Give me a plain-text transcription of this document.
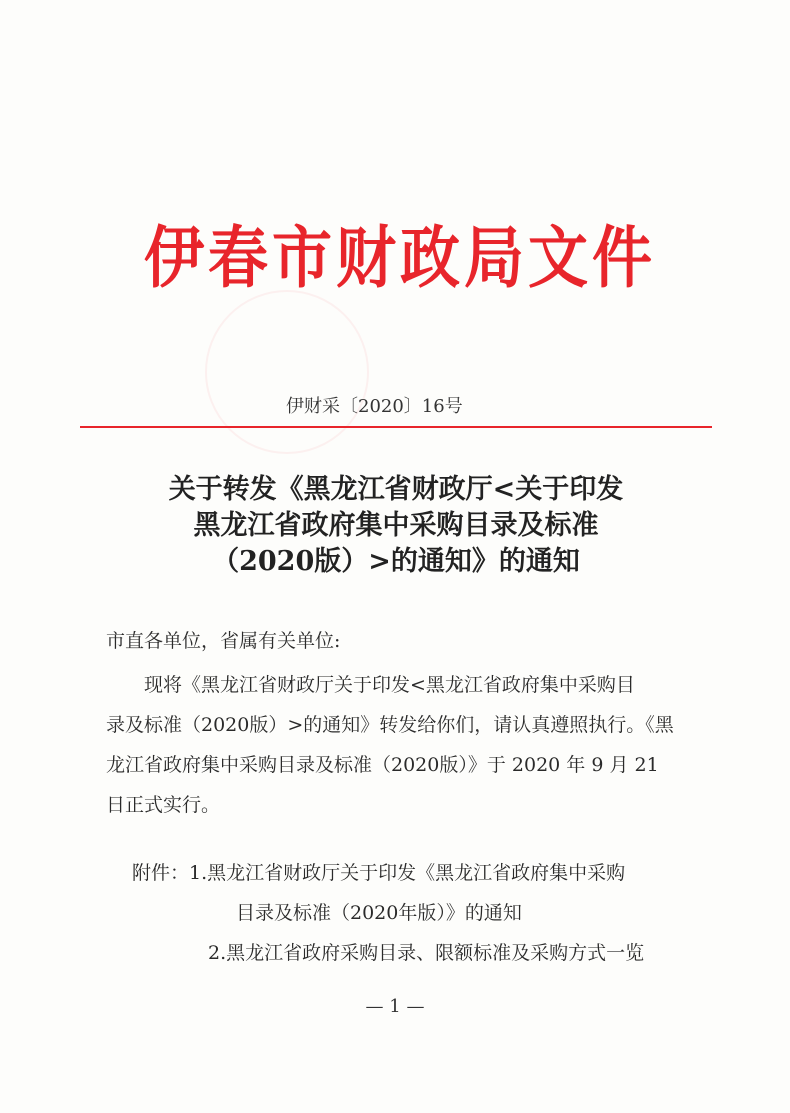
伊春市财政局文件
伊财采〔2020〕16号
关于转发《黑龙江省财政厅<关于印发
黑龙江省政府集中采购目录及标准
（2020版）>的通知》的通知
市直各单位，省属有关单位:
现将《黑龙江省财政厅关于印发<黑龙江省政府集中采购目
录及标准（2020版）>的通知》转发给你们，请认真遵照执行。《黑
龙江省政府集中采购目录及标准（2020版）》于 2020 年 9 月 21
日正式实行。
附件：1.黑龙江省财政厅关于印发《黑龙江省政府集中采购
目录及标准（2020年版）》的通知
2.黑龙江省政府采购目录、限额标准及采购方式一览
— 1 —
